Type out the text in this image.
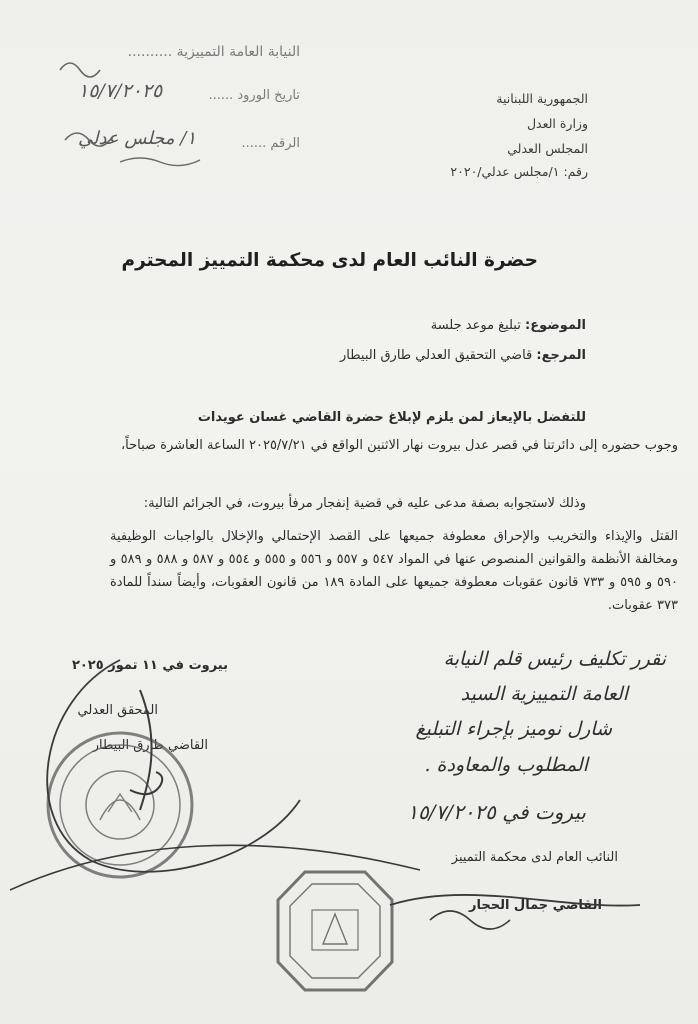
النيابة العامة التمييزية ..........
تاريخ الورود ......
١٥/٧/٢٠٢٥
الرقم ......
١/ مجلس عدلي
الجمهورية اللبنانية
وزارة العدل
المجلس العدلي
رقم: ١/مجلس عدلي/٢٠٢٠
حضرة النائب العام لدى محكمة التمييز المحترم
الموضوع: تبليغ موعد جلسة
المرجع: قاضي التحقيق العدلي طارق البيطار
للتفضل بالإيعاز لمن يلزم لإبلاغ حضرة القاضي غسان عويدات
وجوب حضوره إلى دائرتنا في قصر عدل بيروت نهار الاثنين الواقع في ٢٠٢٥/٧/٢١ الساعة العاشرة صباحاً،
وذلك لاستجوابه بصفة مدعى عليه في قضية إنفجار مرفأ بيروت، في الجرائم التالية:
القتل والإيذاء والتخريب والإحراق معطوفة جميعها على القصد الإحتمالي والإخلال بالواجبات الوظيفية ومخالفة الأنظمة والقوانين المنصوص عنها في المواد ٥٤٧ و ٥٥٧ و ٥٥٦ و ٥٥٥ و ٥٥٤ و ٥٨٧ و ٥٨٨ و ٥٨٩ و ٥٩٠ و ٥٩٥ و ٧٣٣ قانون عقوبات معطوفة جميعها على المادة ١٨٩ من قانون العقوبات، وأيضاً سنداً للمادة ٣٧٣ عقوبات.
بيروت في ١١ تموز ٢٠٢٥
المحقق العدلي
القاضي طارق البيطار
نقرر تكليف رئيس قلم النيابة
العامة التمييزية السيد
شارل نوميز بإجراء التبليغ
المطلوب والمعاودة .
بيروت في ١٥/٧/٢٠٢٥
النائب العام لدى محكمة التمييز
القاضي جمال الحجار
